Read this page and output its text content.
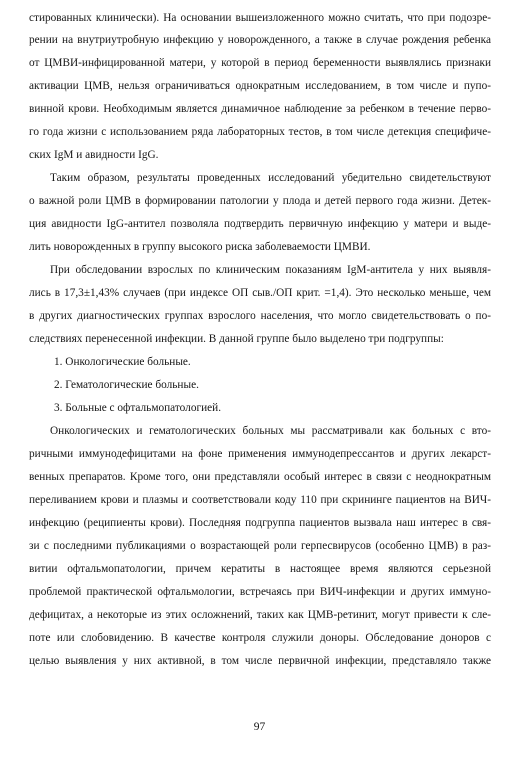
стированных клинически). На основании вышеизложенного можно считать, что при подозре-
рении на внутриутробную инфекцию у новорожденного, а также в случае рождения ребенка
от ЦМВИ-инфицированной матери, у которой в период беременности выявлялись признаки
активации ЦМВ, нельзя ограничиваться однократным исследованием, в том числе и пупо-
винной крови. Необходимым является динамичное наблюдение за ребенком в течение перво-
го года жизни с использованием ряда лабораторных тестов, в том числе детекция специфиче-
ских IgM и авидности IgG.
Таким образом, результаты проведенных исследований убедительно свидетельствуют
о важной роли ЦМВ в формировании патологии у плода и детей первого года жизни. Детек-
ция авидности IgG-антител позволяла подтвердить первичную инфекцию у матери и выде-
лить новорожденных в группу высокого риска заболеваемости ЦМВИ.
При обследовании взрослых по клиническим показаниям IgM-антитела у них выявля-
лись в 17,3±1,43% случаев (при индексе ОП сыв./ОП крит. =1,4). Это несколько меньше, чем
в других диагностических группах взрослого населения, что могло свидетельствовать о по-
следствиях перенесенной инфекции. В данной группе было выделено три подгруппы:
1. Онкологические больные.
2. Гематологические больные.
3. Больные с офтальмопатологией.
Онкологических и гематологических больных мы рассматривали как больных с вто-
ричными иммунодефицитами на фоне применения иммунодепрессантов и других лекарст-
венных препаратов. Кроме того, они представляли особый интерес в связи с неоднократным
переливанием крови и плазмы и соответствовали коду 110 при скрининге пациентов на ВИЧ-
инфекцию (реципиенты крови). Последняя подгруппа пациентов вызвала наш интерес в свя-
зи с последними публикациями о возрастающей роли герпесвирусов (особенно ЦМВ) в раз-
витии офтальмопатологии, причем кератиты в настоящее время являются серьезной
проблемой практической офтальмологии, встречаясь при ВИЧ-инфекции и других иммуно-
дефицитах, а некоторые из этих осложнений, таких как ЦМВ-ретинит, могут привести к сле-
поте или слобовидению. В качестве контроля служили доноры. Обследование доноров с
целью выявления у них активной, в том числе первичной инфекции, представляло также
97
